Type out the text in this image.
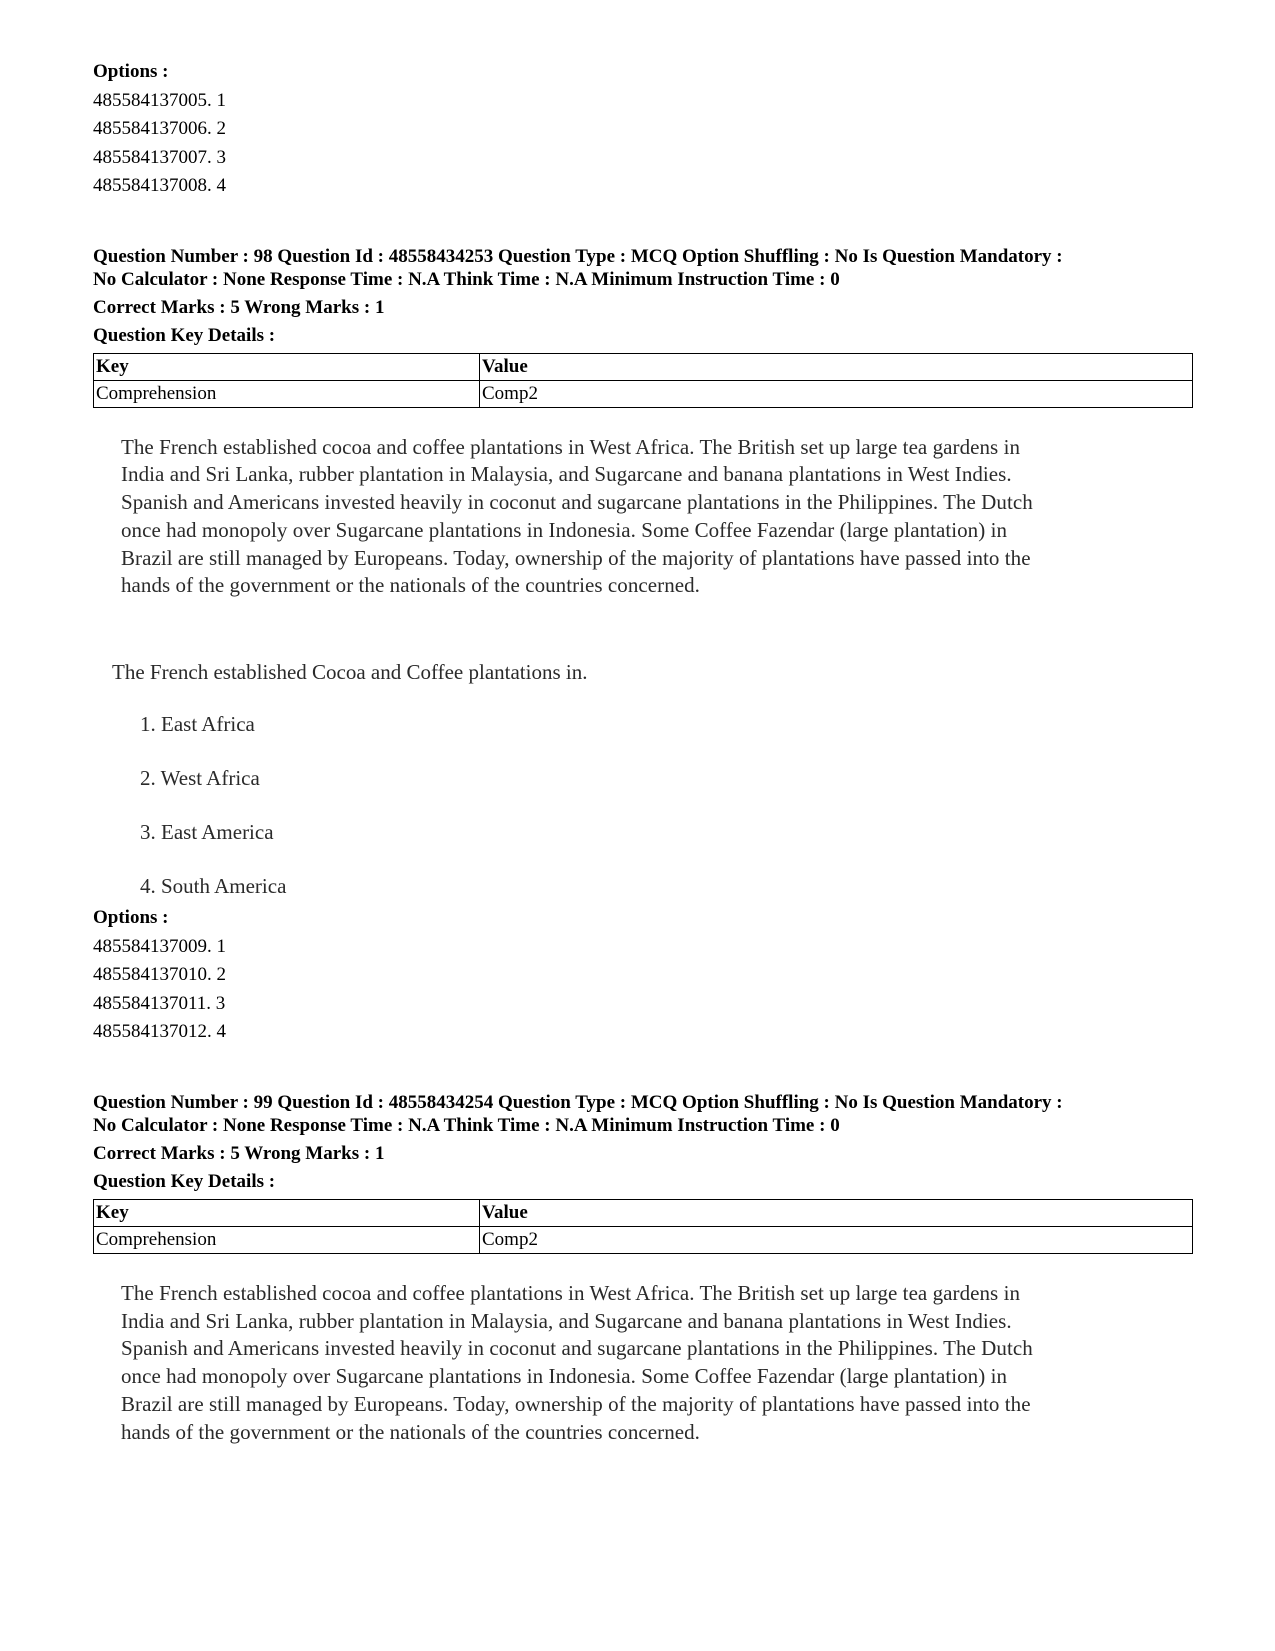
Options :

485584137005. 1

485584137006. 2

485584137007. 3

485584137008. 4

Question Number : 98 Question Id : 48558434253 Question Type : MCQ Option Shuffling : No Is Question Mandatory :

No Calculator : None Response Time : N.A Think Time : N.A Minimum Instruction Time : 0

Correct Marks : 5 Wrong Marks : 1

Question Key Details :

Key	Value
Comprehension	Comp2
The French established cocoa and coffee plantations in West Africa. The British set up large tea gardens in
India and Sri Lanka, rubber plantation in Malaysia, and Sugarcane and banana plantations in West Indies.
Spanish and Americans invested heavily in coconut and sugarcane plantations in the Philippines. The Dutch
once had monopoly over Sugarcane plantations in Indonesia. Some Coffee Fazendar (large plantation) in
Brazil are still managed by Europeans. Today, ownership of the majority of plantations have passed into the
hands of the government or the nationals of the countries concerned.

The French established Cocoa and Coffee plantations in.

1. East Africa
2. West Africa
3. East America
4. South America

Options :

485584137009. 1

485584137010. 2

485584137011. 3

485584137012. 4

Question Number : 99 Question Id : 48558434254 Question Type : MCQ Option Shuffling : No Is Question Mandatory :

No Calculator : None Response Time : N.A Think Time : N.A Minimum Instruction Time : 0

Correct Marks : 5 Wrong Marks : 1

Question Key Details :

Key	Value
Comprehension	Comp2
The French established cocoa and coffee plantations in West Africa. The British set up large tea gardens in
India and Sri Lanka, rubber plantation in Malaysia, and Sugarcane and banana plantations in West Indies.
Spanish and Americans invested heavily in coconut and sugarcane plantations in the Philippines. The Dutch
once had monopoly over Sugarcane plantations in Indonesia. Some Coffee Fazendar (large plantation) in
Brazil are still managed by Europeans. Today, ownership of the majority of plantations have passed into the
hands of the government or the nationals of the countries concerned.
